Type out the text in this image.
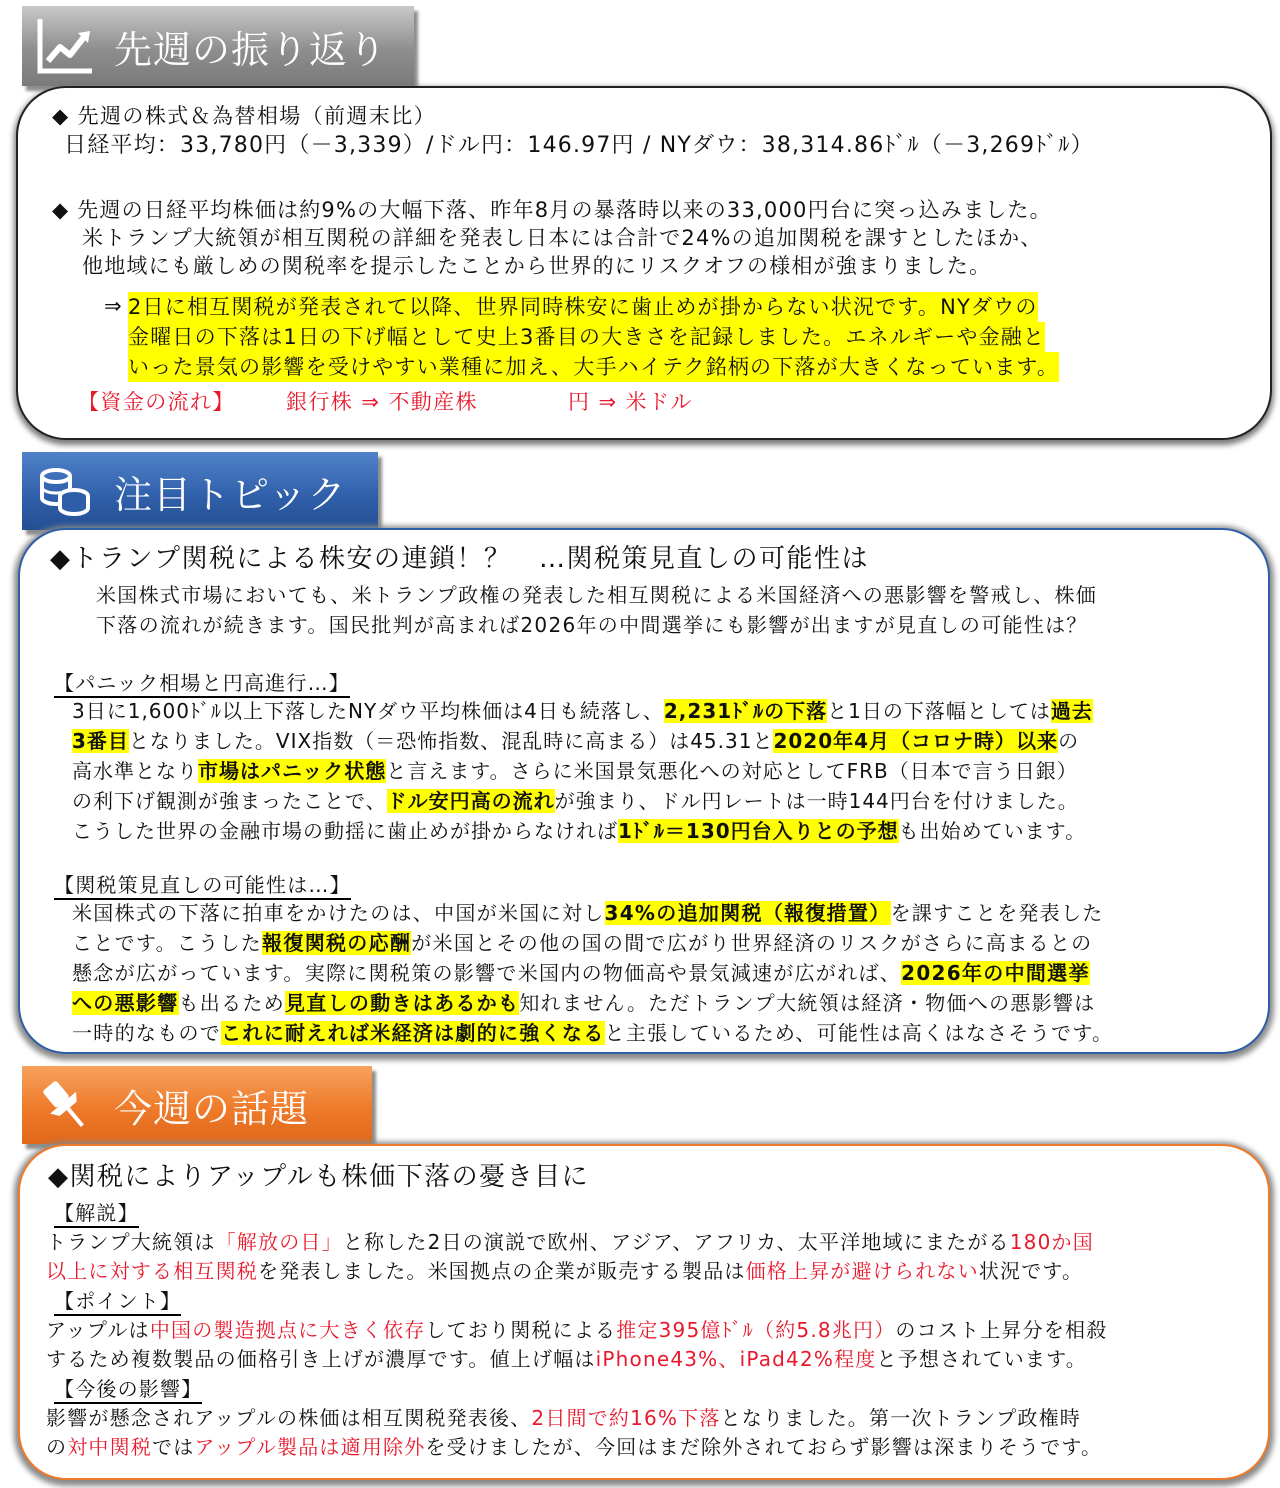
先週の振り返り
◆ 先週の株式＆為替相場（前週末比）
日経平均：33,780円（－3,339）/ドル円：146.97円 / NYダウ：38,314.86ﾄﾞﾙ（－3,269ﾄﾞﾙ）
◆ 先週の日経平均株価は約9%の大幅下落、昨年8月の暴落時以来の33,000円台に突っ込みました。
米トランプ大統領が相互関税の詳細を発表し日本には合計で24%の追加関税を課すとしたほか、
他地域にも厳しめの関税率を提示したことから世界的にリスクオフの様相が強まりました。
⇒ 2日に相互関税が発表されて以降、世界同時株安に歯止めが掛からない状況です。NYダウの
金曜日の下落は1日の下げ幅として史上3番目の大きさを記録しました。エネルギーや金融と
いった景気の影響を受けやすい業種に加え、大手ハイテク銘柄の下落が大きくなっています。
【資金の流れ】 銀行株 ⇒ 不動産株	円 ⇒ 米ドル
注目トピック
◆トランプ関税による株安の連鎖！？　…関税策見直しの可能性は
米国株式市場においても、米トランプ政権の発表した相互関税による米国経済への悪影響を警戒し、株価
下落の流れが続きます。国民批判が高まれば2026年の中間選挙にも影響が出ますが見直しの可能性は？
【パニック相場と円高進行…】
3日に1,600ﾄﾞﾙ以上下落したNYダウ平均株価は4日も続落し、2,231ﾄﾞﾙの下落と1日の下落幅としては過去
3番目となりました。VIX指数（＝恐怖指数、混乱時に高まる）は45.31と2020年4月（コロナ時）以来の
高水準となり市場はパニック状態と言えます。さらに米国景気悪化への対応としてFRB（日本で言う日銀）
の利下げ観測が強まったことで、ドル安円高の流れが強まり、ドル円レートは一時144円台を付けました。
こうした世界の金融市場の動揺に歯止めが掛からなければ1ﾄﾞﾙ＝130円台入りとの予想も出始めています。
【関税策見直しの可能性は…】
米国株式の下落に拍車をかけたのは、中国が米国に対し34%の追加関税（報復措置）を課すことを発表した
ことです。こうした報復関税の応酬が米国とその他の国の間で広がり世界経済のリスクがさらに高まるとの
懸念が広がっています。実際に関税策の影響で米国内の物価高や景気減速が広がれば、2026年の中間選挙
への悪影響も出るため見直しの動きはあるかも知れません。ただトランプ大統領は経済・物価への悪影響は
一時的なものでこれに耐えれば米経済は劇的に強くなると主張しているため、可能性は高くはなさそうです。
今週の話題
◆関税によりアップルも株価下落の憂き目に
【解説】
トランプ大統領は「解放の日」と称した2日の演説で欧州、アジア、アフリカ、太平洋地域にまたがる180か国
以上に対する相互関税を発表しました。米国拠点の企業が販売する製品は価格上昇が避けられない状況です。
【ポイント】
アップルは中国の製造拠点に大きく依存しており関税による推定395億ﾄﾞﾙ（約5.8兆円）のコスト上昇分を相殺
するため複数製品の価格引き上げが濃厚です。値上げ幅はiPhone43%、iPad42%程度と予想されています。
【今後の影響】
影響が懸念されアップルの株価は相互関税発表後、2日間で約16%下落となりました。第一次トランプ政権時
の対中関税ではアップル製品は適用除外を受けましたが、今回はまだ除外されておらず影響は深まりそうです。
